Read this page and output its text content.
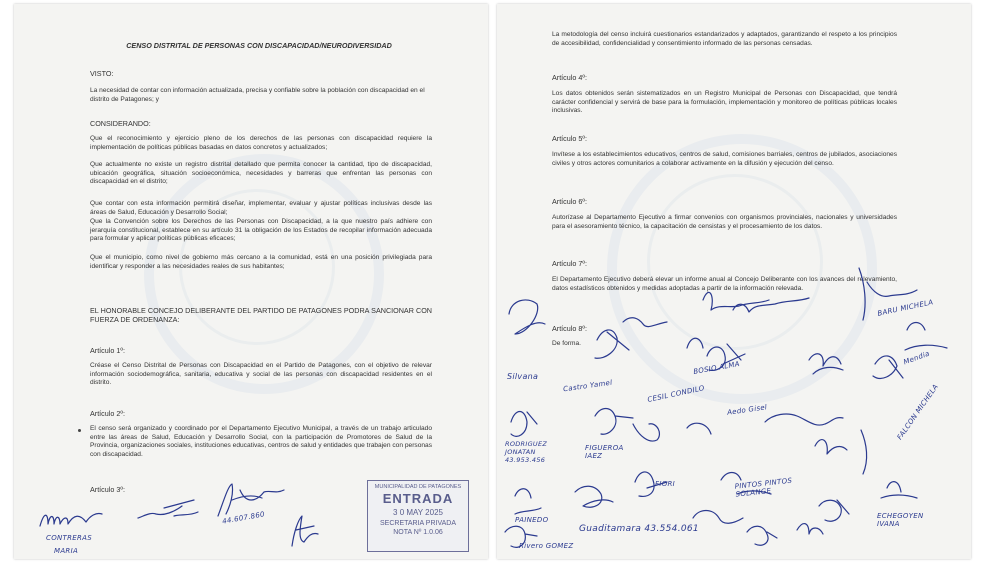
CENSO DISTRITAL DE PERSONAS CON DISCAPACIDAD/NEURODIVERSIDAD

VISTO:

La necesidad de contar con información actualizada, precisa y confiable sobre la población con discapacidad en el distrito de Patagones; y

CONSIDERANDO:

Que el reconocimiento y ejercicio pleno de los derechos de las personas con discapacidad requiere la implementación de políticas públicas basadas en datos concretos y actualizados;

Que actualmente no existe un registro distrital detallado que permita conocer la cantidad, tipo de discapacidad, ubicación geográfica, situación socioeconómica, necesidades y barreras que enfrentan las personas con discapacidad en el distrito;

Que contar con esta información permitirá diseñar, implementar, evaluar y ajustar políticas inclusivas desde las áreas de Salud, Educación y Desarrollo Social;

Que la Convención sobre los Derechos de las Personas con Discapacidad, a la que nuestro país adhiere con jerarquía constitucional, establece en su artículo 31 la obligación de los Estados de recopilar información adecuada para formular y aplicar políticas públicas eficaces;

Que el municipio, como nivel de gobierno más cercano a la comunidad, está en una posición privilegiada para identificar y responder a las necesidades reales de sus habitantes;

EL HONORABLE CONCEJO DELIBERANTE DEL PARTIDO DE PATAGONES PODRA SANCIONAR CON FUERZA DE ORDENANZA:

Artículo 1º:

Créase el Censo Distrital de Personas con Discapacidad en el Partido de Patagones, con el objetivo de relevar información sociodemográfica, sanitaria, educativa y social de las personas con discapacidad residentes en el distrito.

Artículo 2º:

El censo será organizado y coordinado por el Departamento Ejecutivo Municipal, a través de un trabajo articulado entre las áreas de Salud, Educación y Desarrollo Social, con la participación de Promotores de Salud de la Provincia, organizaciones sociales, instituciones educativas, centros de salud y entidades que trabajen con personas con discapacidad.

Artículo 3º:

CONTRERAS
MARIA
44.607.860
MUNICIPALIDAD DE PATAGONES
ENTRADA
3 0 MAY 2025
SECRETARIA PRIVADA
NOTA Nº 1.0.06

La metodología del censo incluirá cuestionarios estandarizados y adaptados, garantizando el respeto a los principios de accesibilidad, confidencialidad y consentimiento informado de las personas censadas.

Artículo 4º:

Los datos obtenidos serán sistematizados en un Registro Municipal de Personas con Discapacidad, que tendrá carácter confidencial y servirá de base para la formulación, implementación y monitoreo de políticas públicas locales inclusivas.

Artículo 5º:

Invítese a los establecimientos educativos, centros de salud, comisiones barriales, centros de jubilados, asociaciones civiles y otros actores comunitarios a colaborar activamente en la difusión y ejecución del censo.

Artículo 6º:

Autorízase al Departamento Ejecutivo a firmar convenios con organismos provinciales, nacionales y universidades para el asesoramiento técnico, la capacitación de censistas y el procesamiento de los datos.

Artículo 7º:

El Departamento Ejecutivo deberá elevar un informe anual al Concejo Deliberante con los avances del relevamiento, datos estadísticos obtenidos y medidas adoptadas a partir de la información relevada.

Artículo 8º:

De forma.

Silvana
Castro Yamel	CESIL CONDILO
Aedo Gisel
BARU MICHELA
Mendia
FALCON MICHELA
RODRIGUEZ JONATAN 43.953.456
FIGUEROA IAEZ
PAINEDO
PINTOS PINTOS SOLANGE
Guaditamara 43.554.061
Rivero GOMEZ
ECHEGOYEN IVANA
BOSIO ALMA
FIORI
